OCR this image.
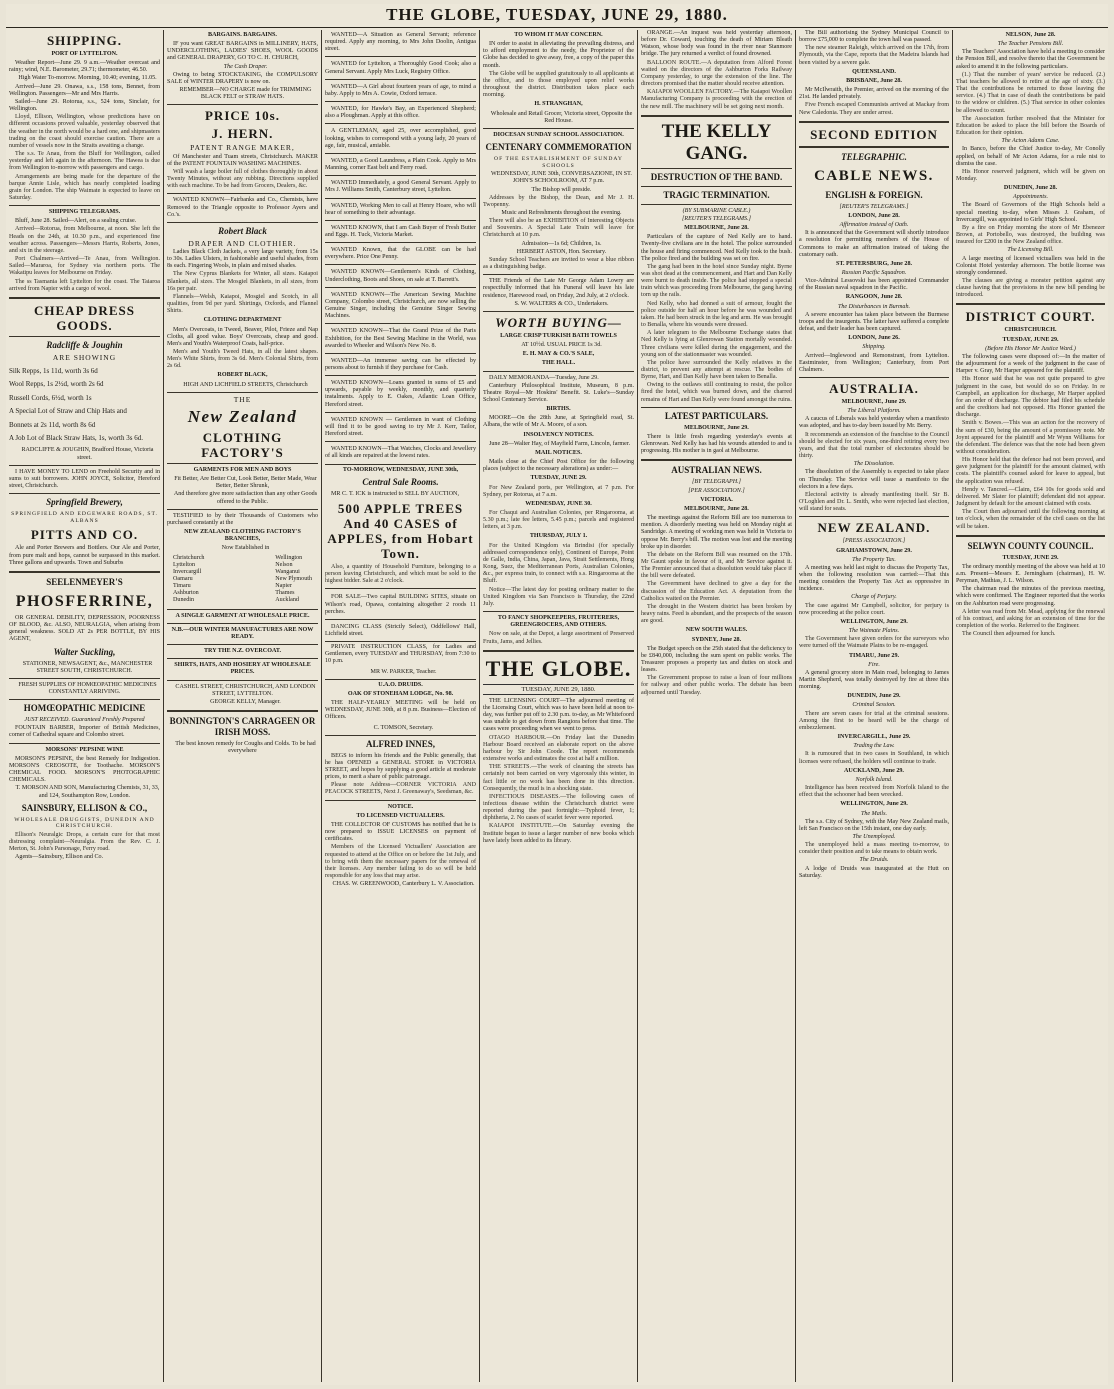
THE GLOBE, TUESDAY, JUNE 29, 1880.
SHIPPING.
PORT OF LYTTELTON.

Weather Report—June 29. 9 a.m.—Weather overcast and rainy; wind, N.E. Barometer, 29.71; thermometer, 46.50.

High Water To-morrow. Morning, 10.40; evening, 11.05.

Arrived—June 29. Onawa, s.s., 158 tons, Bennet, from Wellington. Passengers—Mr and Mrs Harris.

Sailed—June 29. Rotorua, s.s., 524 tons, Sinclair, for Wellington.

Lloyd, Ellison, Wellington, whose predictions have on different occasions proved valuable, yesterday observed that the weather in the north would be a hard one, and shipmasters trading on the coast should exercise caution. There are a number of vessels now in the Straits awaiting a change.

The s.s. Te Anau, from the Bluff for Wellington, called yesterday and left again in the afternoon. The Hawea is due from Wellington to-morrow with passengers and cargo.

Arrangements are being made for the departure of the barque Annie Lisle, which has nearly completed loading grain for London. The ship Waimate is expected to leave on Saturday.

SHIPPING TELEGRAMS.

Bluff, June 28. Sailed—Alert, on a sealing cruise.

Arrived—Rotorua, from Melbourne, at noon. She left the Heads on the 24th, at 10.30 p.m., and experienced fine weather across. Passengers—Messrs Harris, Roberts, Jones, and six in the steerage.

Port Chalmers—Arrived—Te Anau, from Wellington. Sailed—Mararoa, for Sydney via northern ports. The Wakatipu leaves for Melbourne on Friday.

The ss Tasmania left Lyttelton for the coast. The Taiaroa arrived from Napier with a cargo of wool.

CHEAP DRESS GOODS.
Radcliffe & Joughin
ARE SHOWING
Silk Repps, 1s 11d, worth 3s 6d
Wool Repps, 1s 2½d, worth 2s 6d
Russell Cords, 6½d, worth 1s
A Special Lot of Straw and Chip Hats and
Bonnets at 2s 11d, worth 8s 6d
A Job Lot of Black Straw Hats, 1s, worth 3s 6d.

RADCLIFFE & JOUGHIN, Bradford House, Victoria street.

I HAVE MONEY TO LEND on Freehold Security and in sums to suit borrowers. JOHN JOYCE, Solicitor, Hereford street, Christchurch.

Springfield Brewery,
SPRINGFIELD AND EDGEWARE ROADS, ST. ALBANS
PITTS AND CO.

Ale and Porter Brewers and Bottlers. Our Ale and Porter, from pure malt and hops, cannot be surpassed in this market. Three gallons and upwards. Town and Suburbs

SEELENMEYER'S
PHOSFERRINE,

OR GENERAL DEBILITY, DEPRESSION, POORNESS OF BLOOD, &c. ALSO, NEURALGIA, when arising from general weakness. SOLD AT 2s PER BOTTLE, BY HIS AGENT,

Walter Suckling,

STATIONER, NEWSAGENT, &c., MANCHESTER STREET SOUTH, CHRISTCHURCH.

FRESH SUPPLIES OF HOMŒOPATHIC MEDICINES CONSTANTLY ARRIVING.

HOMŒOPATHIC MEDICINE
JUST RECEIVED. Guaranteed Freshly Prepared

FOUNTAIN BARBER, Importer of British Medicines, corner of Cathedral square and Colombo street.

MORSONS' PEPSINE WINE

MORSON'S PEPSINE, the best Remedy for Indigestion. MORSON'S CREOSOTE, for Toothache. MORSON'S CHEMICAL FOOD. MORSON'S PHOTOGRAPHIC CHEMICALS.

T. MORSON AND SON, Manufacturing Chemists, 31, 33, and 124, Southampton Row, London.

SAINSBURY, ELLISON & CO.,
WHOLESALE DRUGGISTS, DUNEDIN AND CHRISTCHURCH.

Ellison's Neuralgic Drops, a certain cure for that most distressing complaint—Neuralgia. From the Rev. C. J. Merton, St. John's Parsonage, Ferry road.

Agents—Sainsbury, Ellison and Co.

BARGAINS. BARGAINS.

IF you want GREAT BARGAINS in MILLINERY, HATS, UNDERCLOTHING, LADIES' SHOES, WOOL GOODS and GENERAL DRAPERY, GO TO C. H. CHURCH,

The Cash Draper.

Owing to being STOCKTAKING, the COMPULSORY SALE of WINTER DRAPERY is now on.

REMEMBER—NO CHARGE made for TRIMMING BLACK FELT or STRAW HATS.

PRICE 10s.
J. HERN.
PATENT RANGE MAKER,

Of Manchester and Tuam streets, Christchurch. MAKER of the PATENT FOUNTAIN WASHING MACHINES.

Will wash a large boiler full of clothes thoroughly in about Twenty Minutes, without any rubbing. Directions supplied with each machine. To be had from Grocers, Dealers, &c.

WANTED KNOWN—Fairbanks and Co., Chemists, have Removed to the Triangle opposite to Professor Ayers and Co.'s.

Robert Black
DRAPER AND CLOTHIER.

Ladies Black Cloth Jackets, a very large variety, from 15s to 30s. Ladies Ulsters, in fashionable and useful shades, from 8s each. Fingering Wools, in plain and mixed shades.

The New Cyprus Blankets for Winter, all sizes. Kaiapoi Blankets, all sizes. The Mosgiel Blankets, in all sizes, from 16s per pair.

Flannels—Welsh, Kaiapoi, Mosgiel and Scotch, in all qualities, from 9d per yard. Shirtings, Oxfords, and Flannel Shirts.

CLOTHING DEPARTMENT

Men's Overcoats, in Tweed, Beaver, Pilot, Frieze and Nap Cloths, all good value. Boys' Overcoats, cheap and good. Men's and Youth's Waterproof Coats, half-price.

Men's and Youth's Tweed Hats, in all the latest shapes. Men's White Shirts, from 3s 6d. Men's Colonial Shirts, from 2s 6d.

ROBERT BLACK,

HIGH AND LICHFIELD STREETS, Christchurch

THE
New Zealand
CLOTHING FACTORY'S
GARMENTS FOR MEN AND BOYS

Fit Better, Are Better Cut, Look Better, Better Made, Wear Better, Better Shrunk,

And therefore give more satisfaction than any other Goods offered to the Public.

TESTIFIED to by their Thousands of Customers who purchased constantly at the

NEW ZEALAND CLOTHING FACTORY'S BRANCHES,

Now Established in

Christchurch
Lyttelton
Invercargill
Oamaru
Timaru
Ashburton
Dunedin
Wellington
Nelson
Wanganui
New Plymouth
Napier
Thames
Auckland
A SINGLE GARMENT AT WHOLESALE PRICE.
N.B.—OUR WINTER MANUFACTURES ARE NOW READY.
TRY THE N.Z. OVERCOAT.
SHIRTS, HATS, AND HOSIERY AT WHOLESALE PRICES.

CASHEL STREET, CHRISTCHURCH, AND LONDON STREET, LYTTELTON.

GEORGE KELLY, Manager.

BONNINGTON'S CARRAGEEN OR IRISH MOSS.

The best known remedy for Coughs and Colds. To be had everywhere

WANTED—A Situation as General Servant; reference required. Apply any morning, to Mrs John Doolin, Antigua street.

WANTED for Lyttelton, a Thoroughly Good Cook; also a General Servant. Apply Mrs Luck, Registry Office.

WANTED—A Girl about fourteen years of age, to mind a baby. Apply to Mrs A. Cowie, Oxford terrace.

WANTED, for Hawke's Bay, an Experienced Shepherd; also a Ploughman. Apply at this office.

A GENTLEMAN, aged 25, over accomplished, good looking, wishes to correspond with a young lady, 20 years of age, fair, musical, amiable.

WANTED, a Good Laundress, a Plain Cook. Apply to Mrs Manning, corner East belt and Ferry road.

WANTED Immediately, a good General Servant. Apply to Mrs J. Williams Smith, Canterbury street, Lyttelton.

WANTED, Working Men to call at Henry Hoare, who will hear of something to their advantage.

WANTED KNOWN, that I am Cash Buyer of Fresh Butter and Eggs. H. Tuck, Victoria Market.

WANTED Known, that the GLOBE can be had everywhere. Price One Penny.

WANTED KNOWN—Gentlemen's Kinds of Clothing, Underclothing, Boots and Shoes, on sale at T. Barrett's.

WANTED KNOWN—The American Sewing Machine Company, Colombo street, Christchurch, are now selling the Genuine Singer, including the Genuine Singer Sewing Machines.

WANTED KNOWN—That the Grand Prize of the Paris Exhibition, for the Best Sewing Machine in the World, was awarded to Wheeler and Wilson's New No. 8.

WANTED—An immense saving can be effected by persons about to furnish if they purchase for Cash.

WANTED KNOWN—Loans granted in sums of £5 and upwards, payable by weekly, monthly, and quarterly instalments. Apply to E. Oakes, Atlantic Loan Office, Hereford street.

WANTED KNOWN — Gentlemen in want of Clothing will find it to be good saving to try Mr J. Kerr, Tailor, Hereford street.

WANTED KNOWN—That Watches, Clocks and Jewellery of all kinds are repaired at the lowest rates.

TO-MORROW, WEDNESDAY, JUNE 30th,
Central Sale Rooms.

MR C. T. ICK is instructed to SELL BY AUCTION,

500 APPLE TREES And 40 CASES of APPLES, from Hobart Town.

Also, a quantity of Household Furniture, belonging to a person leaving Christchurch, and which must be sold to the highest bidder. Sale at 2 o'clock.

FOR SALE—Two capital BUILDING SITES, situate on Wilson's road, Opawa, containing altogether 2 roods 11 perches.

DANCING CLASS (Strictly Select), Oddfellows' Hall, Lichfield street.

PRIVATE INSTRUCTION CLASS, for Ladies and Gentlemen, every TUESDAY and THURSDAY, from 7:30 to 10 p.m.

MR W. PARKER, Teacher.

U.A.O. DRUIDS.
OAK OF STONEHAM LODGE, No. 98.

THE HALF-YEARLY MEETING will be held on WEDNESDAY, JUNE 30th, at 8 p.m. Business—Election of Officers.

C. TOMSON, Secretary.

ALFRED INNES,

BEGS to inform his friends and the Public generally, that he has OPENED a GENERAL STORE in VICTORIA STREET, and hopes by supplying a good article at moderate prices, to merit a share of public patronage.

Please note Address—CORNER VICTORIA AND PEACOCK STREETS, Next J. Greenaway's, Seedsman, &c.

NOTICE.
TO LICENSED VICTUALLERS.

THE COLLECTOR OF CUSTOMS has notified that he is now prepared to ISSUE LICENSES on payment of certificates.

Members of the Licensed Victuallers' Association are requested to attend at the Office on or before the 1st July, and to bring with them the necessary papers for the renewal of their licenses. Any member failing to do so will be held responsible for any loss that may arise.

CHAS. W. GREENWOOD, Canterbury L. V. Association.

TO WHOM IT MAY CONCERN.

IN order to assist in alleviating the prevailing distress, and to afford employment to the needy, the Proprietor of the Globe has decided to give away, free, a copy of the paper this month.

The Globe will be supplied gratuitously to all applicants at the office, and to those employed upon relief works throughout the district. Distribution takes place each morning.

H. STRANGHAN,

Wholesale and Retail Grocer, Victoria street, Opposite the Red House.

DIOCESAN SUNDAY SCHOOL ASSOCIATION.
CENTENARY COMMEMORATION
OF THE ESTABLISHMENT OF SUNDAY SCHOOLS

WEDNESDAY, JUNE 30th, CONVERSAZIONE, IN ST. JOHN'S SCHOOLROOM, AT 7 p.m.

The Bishop will preside.

Addresses by the Bishop, the Dean, and Mr J. H. Twopenny.

Music and Refreshments throughout the evening.

There will also be an EXHIBITION of Interesting Objects and Souvenirs. A Special Late Train will leave for Christchurch at 10 p.m.

Admission—1s 6d; Children, 1s.

HERBERT ASTON, Hon. Secretary.

Sunday School Teachers are invited to wear a blue ribbon as a distinguishing badge.

THE Friends of the Late Mr George Adam Lowry are respectfully informed that his Funeral will leave his late residence, Harewood road, on Friday, 2nd July, at 2 o'clock.

S. W. WALTERS & CO., Undertakers.

WORTH BUYING—
LARGE CRISP TURKISH BATH TOWELS

AT 10½d. USUAL PRICE 1s 3d.

E. H. MAY & CO.'S SALE,
THE HALL.

DAILY MEMORANDA—Tuesday, June 29.

Canterbury Philosophical Institute, Museum, 8 p.m. Theatre Royal—Mr Hoskins' Benefit. St. Luke's—Sunday School Centenary Service.

BIRTHS.

MOORE—On the 28th June, at Springfield road, St. Albans, the wife of Mr A. Moore, of a son.

INSOLVENCY NOTICES.

June 28—Walter Hay, of Mayfield Farm, Lincoln, farmer.

MAIL NOTICES.

Mails close at the Chief Post Office for the following places (subject to the necessary alterations) as under:—

TUESDAY, JUNE 29.

For New Zealand ports, per Wellington, at 7 p.m. For Sydney, per Rotorua, at 7 a.m.

WEDNESDAY, JUNE 30.

For Chaqui and Australian Colonies, per Ringarooma, at 5.30 p.m.; late fee letters, 5.45 p.m.; parcels and registered letters, at 3 p.m.

THURSDAY, JULY 1.

For the United Kingdom via Brindisi (for specially addressed correspondence only), Continent of Europe, Point de Galle, India, China, Japan, Java, Strait Settlements, Hong Kong, Suez, the Mediterranean Ports, Australian Colonies, &c., per express train, to connect with s.s. Ringarooma at the Bluff.

Notice—The latest day for posting ordinary matter to the United Kingdom via San Francisco is Thursday, the 22nd July.

TO FANCY SHOPKEEPERS, FRUITERERS, GREENGROCERS, AND OTHERS.

Now on sale, at the Depot, a large assortment of Preserved Fruits, Jams, and Jellies.

THE GLOBE.
TUESDAY, JUNE 29, 1880.

THE LICENSING COURT—The adjourned meeting of the Licensing Court, which was to have been held at noon to-day, was further put off to 2.30 p.m. to-day, as Mr Whitefoord was unable to get down from Rangiora before that time. The cases were proceeding when we went to press.

OTAGO HARBOUR.—On Friday last the Dunedin Harbour Board received an elaborate report on the above harbour by Sir John Coode. The report recommends extensive works and estimates the cost at half a million.

THE STREETS.—The work of cleaning the streets has certainly not been carried on very vigorously this winter, in fact little or no work has been done in this direction. Consequently, the mud is in a shocking state.

INFECTIOUS DISEASES.—The following cases of infectious disease within the Christchurch district were reported during the past fortnight:—Typhoid fever, 1; diphtheria, 2. No cases of scarlet fever were reported.

KAIAPOI INSTITUTE.—On Saturday evening the Institute began to issue a larger number of new books which have lately been added to its library.

ORANGE.—An inquest was held yesterday afternoon, before Dr. Coward, touching the death of Miriam Bleath Watson, whose body was found in the river near Stanmore bridge. The jury returned a verdict of found drowned.

BALLOON ROUTE.—A deputation from Alford Forest waited on the directors of the Ashburton Forks Railway Company yesterday, to urge the extension of the line. The directors promised that the matter should receive attention.

KAIAPOI WOOLLEN FACTORY.—The Kaiapoi Woollen Manufacturing Company is proceeding with the erection of the new mill. The machinery will be set going next month.

THE KELLY GANG.
DESTRUCTION OF THE BAND.
TRAGIC TERMINATION.
(BY SUBMARINE CABLE.)
[REUTER'S TELEGRAMS.]
MELBOURNE, June 28.

Particulars of the capture of Ned Kelly are to hand. Twenty-five civilians are in the hotel. The police surrounded the house and firing commenced. Ned Kelly took to the bush. The police fired and the building was set on fire.

The gang had been in the hotel since Sunday night. Byrne was shot dead at the commencement, and Hart and Dan Kelly were burnt to death inside. The police had stopped a special train which was proceeding from Melbourne, the gang having torn up the rails.

Ned Kelly, who had donned a suit of armour, fought the police outside for half an hour before he was wounded and taken. He had been struck in the leg and arm. He was brought to Benalla, where his wounds were dressed.

A later telegram to the Melbourne Exchange states that Ned Kelly is lying at Glenrowan Station mortally wounded. Three civilians were killed during the engagement, and the young son of the stationmaster was wounded.

The police have surrounded the Kelly relatives in the district, to prevent any attempt at rescue. The bodies of Byrne, Hart, and Dan Kelly have been taken to Benalla.

Owing to the outlaws still continuing to resist, the police fired the hotel, which was burned down, and the charred remains of Hart and Dan Kelly were found amongst the ruins.

LATEST PARTICULARS.
MELBOURNE, June 29.

There is little fresh regarding yesterday's events at Glenrowan. Ned Kelly has had his wounds attended to and is progressing. His mother is in gaol at Melbourne.

AUSTRALIAN NEWS.
[BY TELEGRAPH.]
[PER ASSOCIATION.]
VICTORIA.
MELBOURNE, June 28.

The meetings against the Reform Bill are too numerous to mention. A disorderly meeting was held on Monday night at Sandridge. A meeting of working men was held in Victoria to oppose Mr. Berry's bill. The motion was lost and the meeting broke up in disorder.

The debate on the Reform Bill was resumed on the 17th. Mr Gaunt spoke in favour of it, and Mr Service against it. The Premier announced that a dissolution would take place if the bill were defeated.

The Government have declined to give a day for the discussion of the Education Act. A deputation from the Catholics waited on the Premier.

The drought in the Western district has been broken by heavy rains. Feed is abundant, and the prospects of the season are good.

NEW SOUTH WALES.
SYDNEY, June 28.

The Budget speech on the 25th stated that the deficiency to be £840,000, including the sum spent on public works. The Treasurer proposes a property tax and duties on stock and leases.

The Government propose to raise a loan of four millions for railway and other public works. The debate has been adjourned until Tuesday.

The Bill authorising the Sydney Municipal Council to borrow £75,000 to complete the town hall was passed.

The new steamer Raleigh, which arrived on the 17th, from Plymouth, via the Cape, reports that the Madeira Islands had been visited by a severe gale.

QUEENSLAND.
BRISBANE, June 28.

Mr McIlwraith, the Premier, arrived on the morning of the 21st. He landed privately.

Five French escaped Communists arrived at Mackay from New Caledonia. They are under arrest.

SECOND EDITION
TELEGRAPHIC.
CABLE NEWS.
ENGLISH & FOREIGN.
[REUTER'S TELEGRAMS.]
LONDON, June 28.
Affirmation instead of Oath.

It is announced that the Government will shortly introduce a resolution for permitting members of the House of Commons to make an affirmation instead of taking the customary oath.

ST. PETERSBURG, June 28.
Russian Pacific Squadron.

Vice-Admiral Lessovski has been appointed Commander of the Russian naval squadron in the Pacific.

RANGOON, June 28.
The Disturbances in Burmah.

A severe encounter has taken place between the Burmese troops and the insurgents. The latter have suffered a complete defeat, and their leader has been captured.

LONDON, June 26.
Shipping.

Arrived—Inglewood and Remonstrant, from Lyttelton. Eastminster, from Wellington; Canterbury, from Port Chalmers.

AUSTRALIA.
MELBOURNE, June 29.
The Liberal Platform.

A caucus of Liberals was held yesterday when a manifesto was adopted, and has to-day been issued by Mr. Berry.

It recommends an extension of the franchise to the Council should be elected for six years, one-third retiring every two years, and that the total number of electorates should be thirty.

The Dissolution.

The dissolution of the Assembly is expected to take place on Thursday. The Service will issue a manifesto to the electors in a few days.

Electoral activity is already manifesting itself. Sir B. O'Loghlen and Dr. L. Smith, who were rejected last election, will stand for seats.

NEW ZEALAND.
[PRESS ASSOCIATION.]
GRAHAMSTOWN, June 29.
The Property Tax.

A meeting was held last night to discuss the Property Tax, when the following resolution was carried:—That this meeting considers the Property Tax Act as oppressive in incidence.

Charge of Perjury.

The case against Mr Campbell, solicitor, for perjury is now proceeding at the police court.

WELLINGTON, June 29.
The Waimate Plains.

The Government have given orders for the surveyors who were turned off the Waimate Plains to be re-engaged.

TIMARU, June 29.
Fire.

A general grocery store in Main road, belonging to James Martin Shepherd, was totally destroyed by fire at three this morning.

DUNEDIN, June 29.
Criminal Session.

There are seven cases for trial at the criminal sessions. Among the first to be heard will be the charge of embezzlement.

INVERCARGILL, June 29.
Trading the Law.

It is rumoured that in two cases in Southland, in which licenses were refused, the holders will continue to trade.

AUCKLAND, June 29.
Norfolk Island.

Intelligence has been received from Norfolk Island to the effect that the schooner had been wrecked.

WELLINGTON, June 29.
The Mails.

The s.s. City of Sydney, with the May New Zealand mails, left San Francisco on the 15th instant, one day early.

The Unemployed.

The unemployed held a mass meeting to-morrow, to consider their position and to take means to obtain work.

The Druids.

A lodge of Druids was inaugurated at the Hutt on Saturday.

NELSON, June 28.
The Teacher Pensions Bill.

The Teachers' Association have held a meeting to consider the Pension Bill, and resolve thereto that the Government be asked to amend it in the following particulars.

(1.) That the number of years' service be reduced. (2.) That teachers be allowed to retire at the age of sixty. (3.) That the contributions be returned to those leaving the service. (4.) That in case of death the contributions be paid to the widow or children. (5.) That service in other colonies be allowed to count.

The Association further resolved that the Minister for Education be asked to place the bill before the Boards of Education for their opinion.

The Acton Adams Case.

In Banco, before the Chief Justice to-day, Mr Conolly applied, on behalf of Mr Acton Adams, for a rule nisi to dismiss the case.

His Honor reserved judgment, which will be given on Monday.

DUNEDIN, June 28.
Appointments.

The Board of Governors of the High Schools held a special meeting to-day, when Misses J. Graham, of Invercargill, was appointed to Girls' High School.

By a fire on Friday morning the store of Mr Ebenezer Brown, at Portobello, was destroyed, the building was insured for £200 in the New Zealand office.

The Licensing Bill.

A large meeting of licensed victuallers was held in the Colonist Hotel yesterday afternoon. The bottle license was strongly condemned.

The clauses are giving a monster petition against any clause having that the provisions in the new bill pending be introduced.

DISTRICT COURT.
CHRISTCHURCH.
TUESDAY, JUNE 29.
(Before His Honor Mr Justice Ward.)

The following cases were disposed of:—In the matter of the adjournment for a week of the judgment in the case of Harper v. Gray, Mr Harper appeared for the plaintiff.

His Honor said that he was not quite prepared to give judgment in the case, but would do so on Friday. In re Campbell, an application for discharge, Mr Harper applied for an order of discharge. The debtor had filed his schedule and the creditors had not opposed. His Honor granted the discharge.

Smith v. Bowes.—This was an action for the recovery of the sum of £30, being the amount of a promissory note. Mr Joynt appeared for the plaintiff and Mr Wynn Williams for the defendant. The defence was that the note had been given without consideration.

His Honor held that the defence had not been proved, and gave judgment for the plaintiff for the amount claimed, with costs. The plaintiff's counsel asked for leave to appeal, but the application was refused.

Hendy v. Tancred.—Claim, £64 10s for goods sold and delivered. Mr Slater for plaintiff; defendant did not appear. Judgment by default for the amount claimed with costs.

The Court then adjourned until the following morning at ten o'clock, when the remainder of the civil cases on the list will be taken.

SELWYN COUNTY COUNCIL.
TUESDAY, JUNE 29.

The ordinary monthly meeting of the above was held at 10 a.m. Present—Messrs E. Jerningham (chairman), H. W. Peryman, Mathias, J. L. Wilson.

The chairman read the minutes of the previous meeting, which were confirmed. The Engineer reported that the works on the Ashburton road were progressing.

A letter was read from Mr. Mead, applying for the renewal of his contract, and asking for an extension of time for the completion of the works. Referred to the Engineer.

The Council then adjourned for lunch.
